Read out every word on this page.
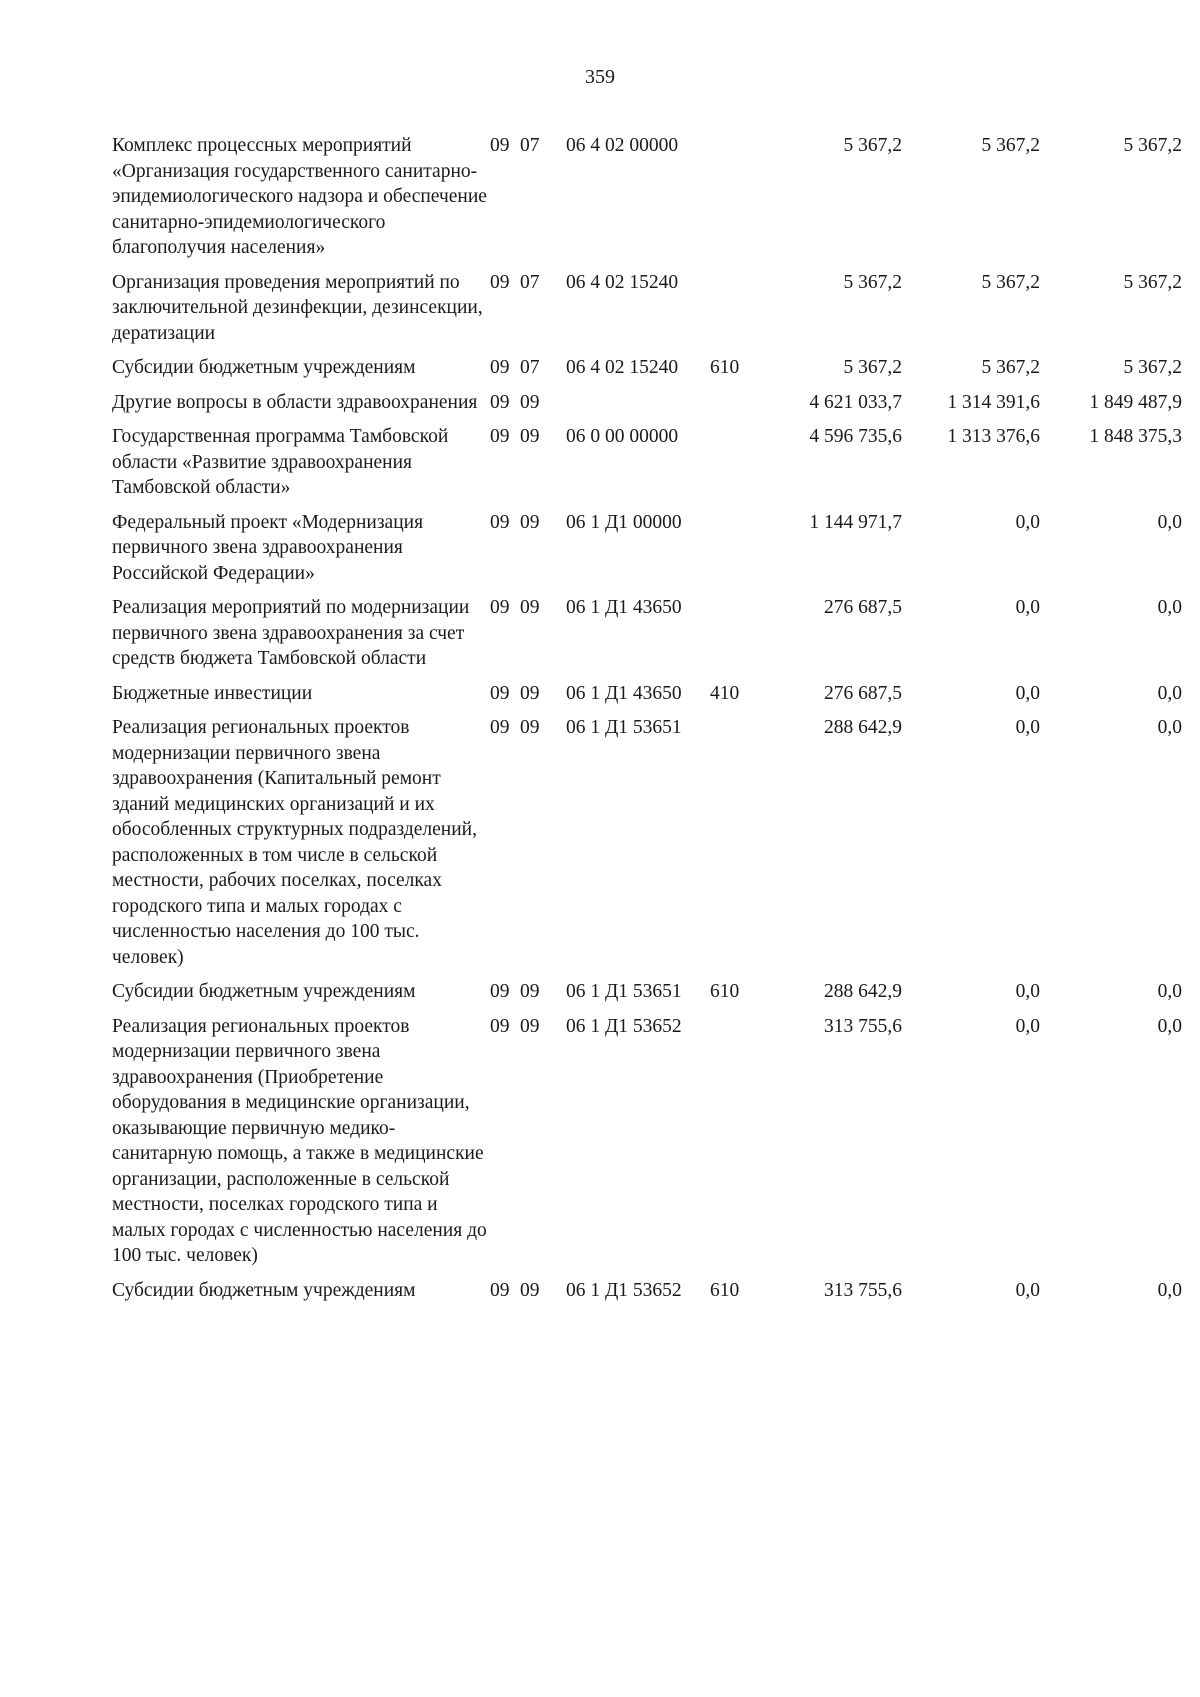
359
Комплекс процессных мероприятий «Организация государственного санитарно-эпидемиологического надзора и обеспечение санитарно-эпидемиологического благополучия населения»	09	07	06 4 02 00000		5 367,2	5 367,2	5 367,2
Организация проведения мероприятий по заключительной дезинфекции, дезинсекции, дератизации	09	07	06 4 02 15240		5 367,2	5 367,2	5 367,2
Субсидии бюджетным учреждениям	09	07	06 4 02 15240	610	5 367,2	5 367,2	5 367,2
Другие вопросы в области здравоохранения	09	09			4 621 033,7	1 314 391,6	1 849 487,9
Государственная программа Тамбовской области «Развитие здравоохранения Тамбовской области»	09	09	06 0 00 00000		4 596 735,6	1 313 376,6	1 848 375,3
Федеральный проект «Модернизация первичного звена здравоохранения Российской Федерации»	09	09	06 1 Д1 00000		1 144 971,7	0,0	0,0
Реализация мероприятий по модернизации первичного звена здравоохранения за счет средств бюджета Тамбовской области	09	09	06 1 Д1 43650		276 687,5	0,0	0,0
Бюджетные инвестиции	09	09	06 1 Д1 43650	410	276 687,5	0,0	0,0
Реализация региональных проектов модернизации первичного звена здравоохранения (Капитальный ремонт зданий медицинских организаций и их обособленных структурных подразделений, расположенных в том числе в сельской местности, рабочих поселках, поселках городского типа и малых городах с численностью населения до 100 тыс. человек)	09	09	06 1 Д1 53651		288 642,9	0,0	0,0
Субсидии бюджетным учреждениям	09	09	06 1 Д1 53651	610	288 642,9	0,0	0,0
Реализация региональных проектов модернизации первичного звена здравоохранения (Приобретение оборудования в медицинские организации, оказывающие первичную медико-санитарную помощь, а также в медицинские организации, расположенные в сельской местности, поселках городского типа и малых городах с численностью населения до 100 тыс. человек)	09	09	06 1 Д1 53652		313 755,6	0,0	0,0
Субсидии бюджетным учреждениям	09	09	06 1 Д1 53652	610	313 755,6	0,0	0,0
